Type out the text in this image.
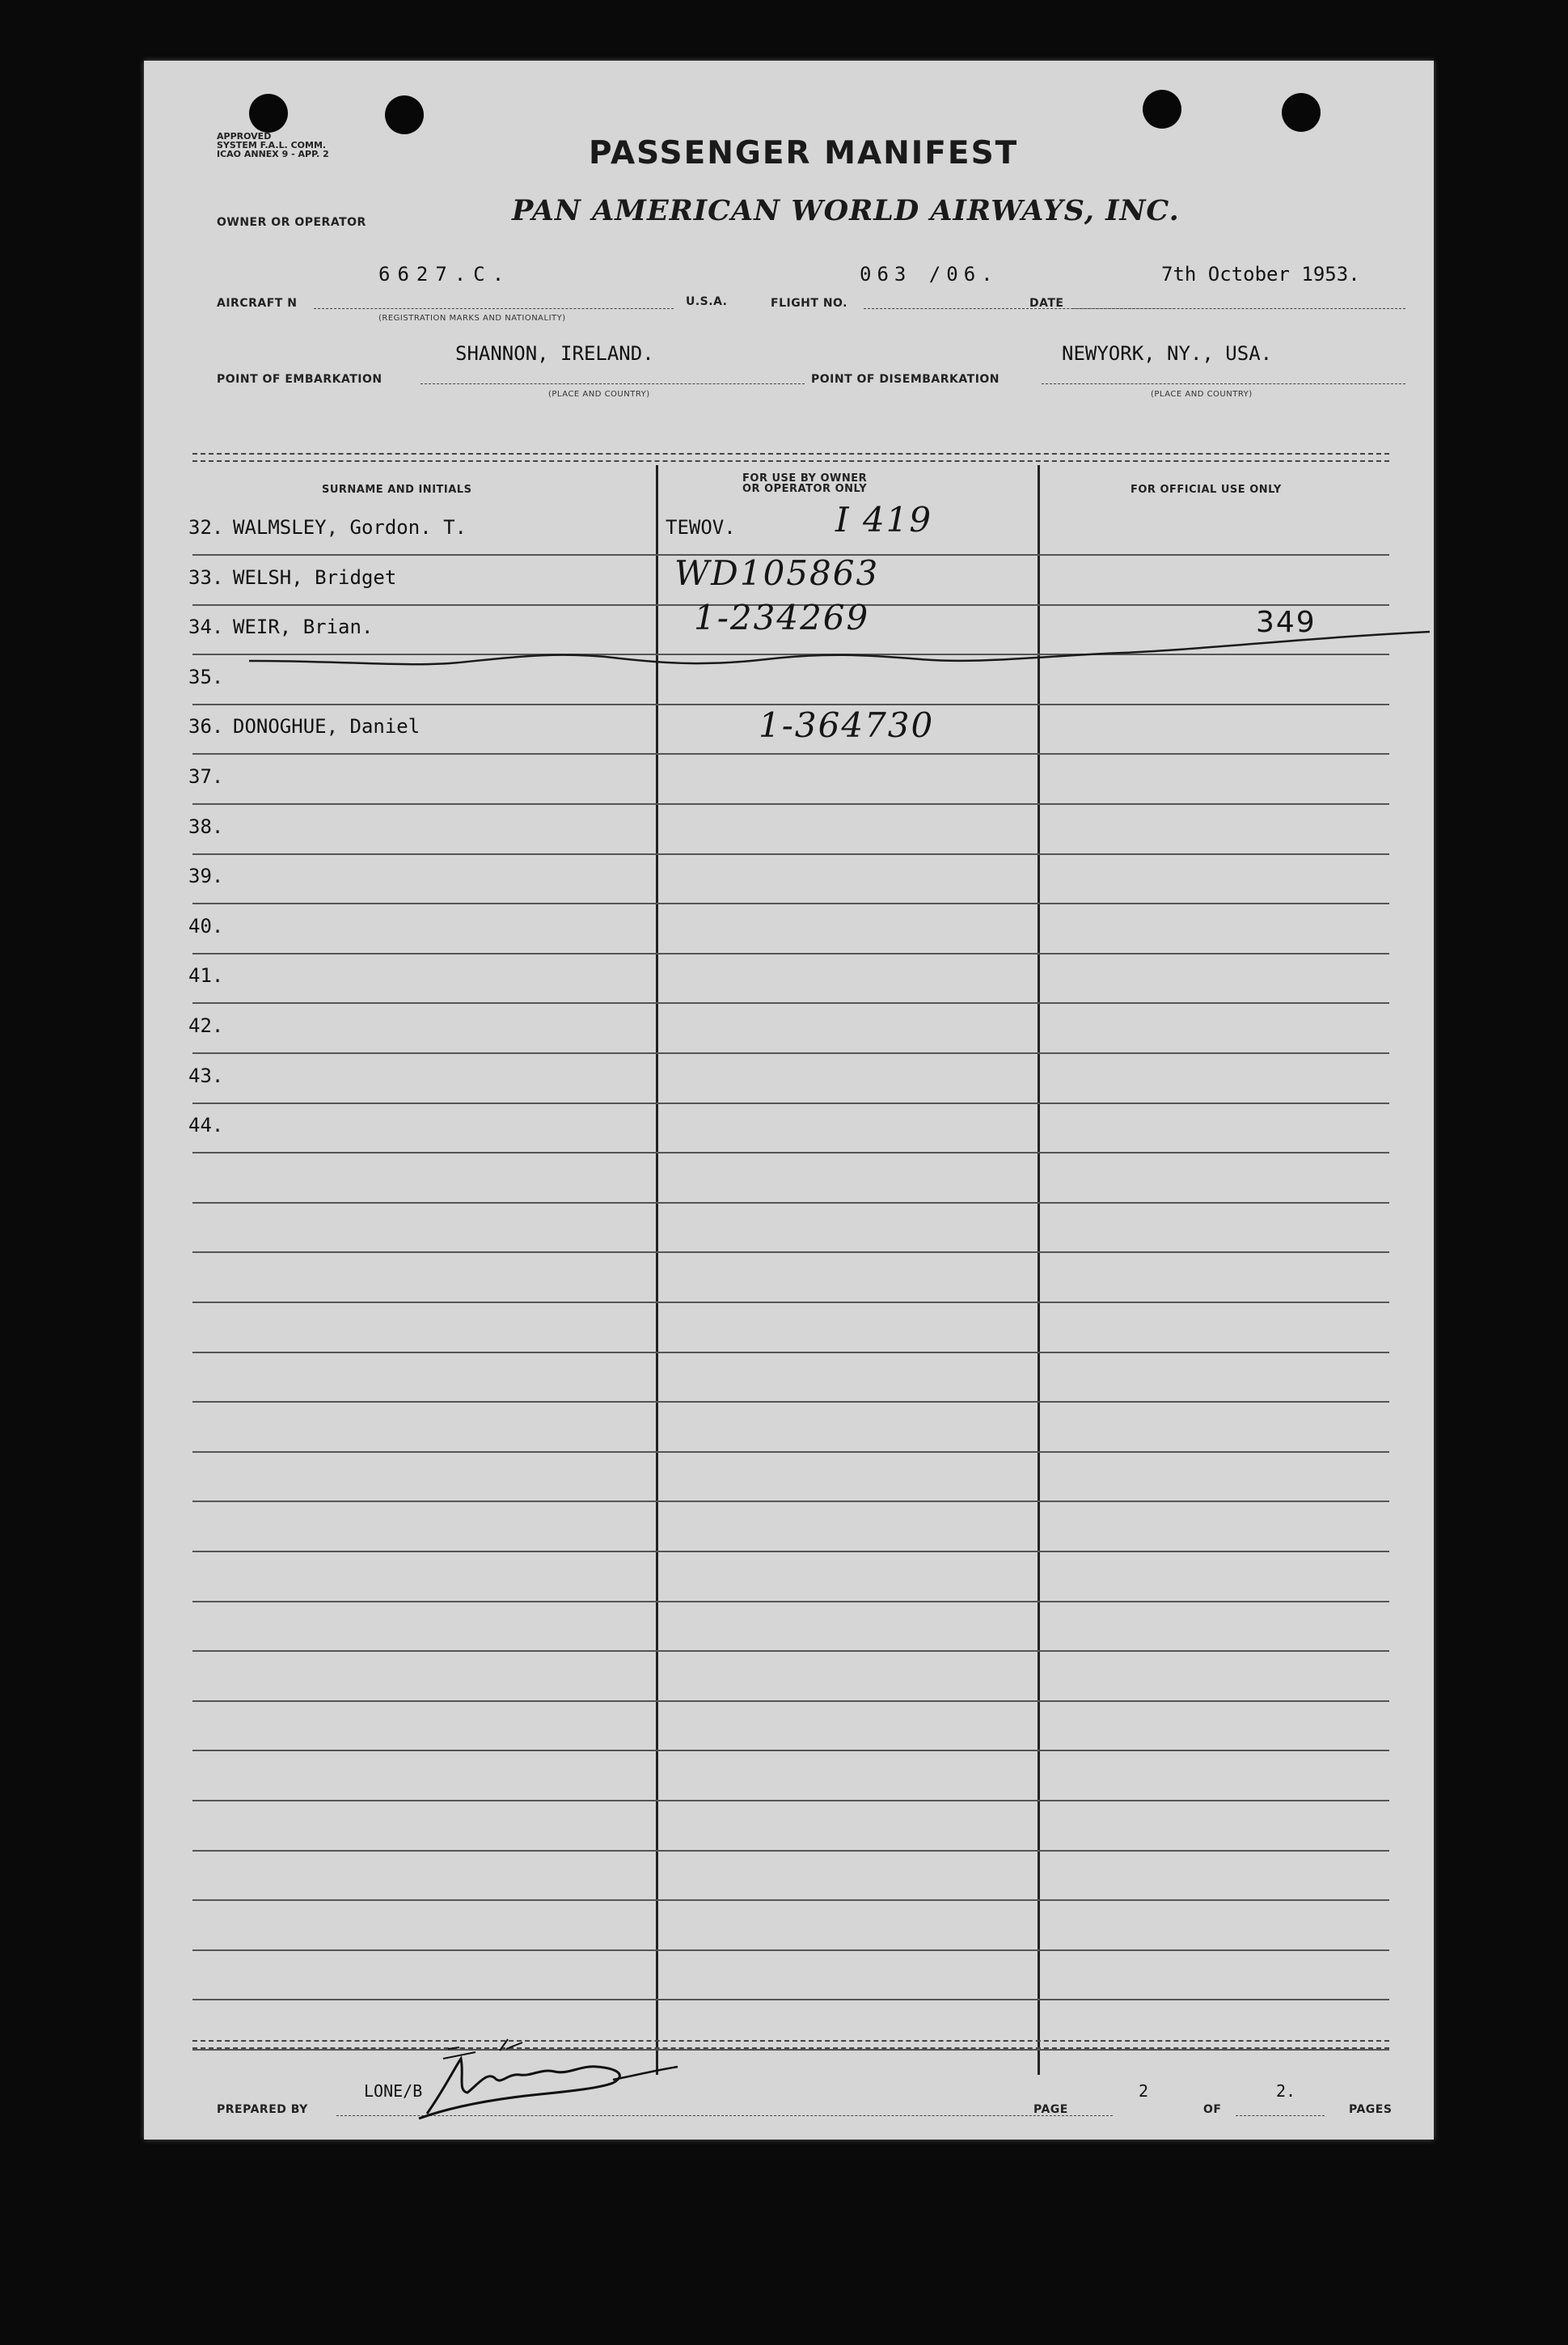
APPROVED
SYSTEM F.A.L. COMM.
ICAO ANNEX 9 - APP. 2	PASSENGER MANIFEST
OWNER OR OPERATOR	PAN AMERICAN WORLD AIRWAYS, INC.
AIRCRAFT N
6627.C.
(REGISTRATION MARKS AND NATIONALITY)
U.S.A.	FLIGHT NO.
063 /06.
DATE
7th October 1953.
SHANNON, IRELAND.
POINT OF EMBARKATION
(PLACE AND COUNTRY)
POINT OF DISEMBARKATION
NEWYORK, NY., USA.
(PLACE AND COUNTRY)
SURNAME AND INITIALS
FOR USE BY OWNER
OR OPERATOR ONLY	FOR OFFICIAL USE ONLY
32. WALMSLEY, Gordon. T.	TEWOV.	I 419
33. WELSH, Bridget	WD105863
34. WEIR, Brian.	1-234269	349
35.
36. DONOGHUE, Daniel	1-364730
37.
38.
39.
40.
41.
42.
43.
44.
PREPARED BY
LONE/B
PAGE
2
OF
2.
PAGES
